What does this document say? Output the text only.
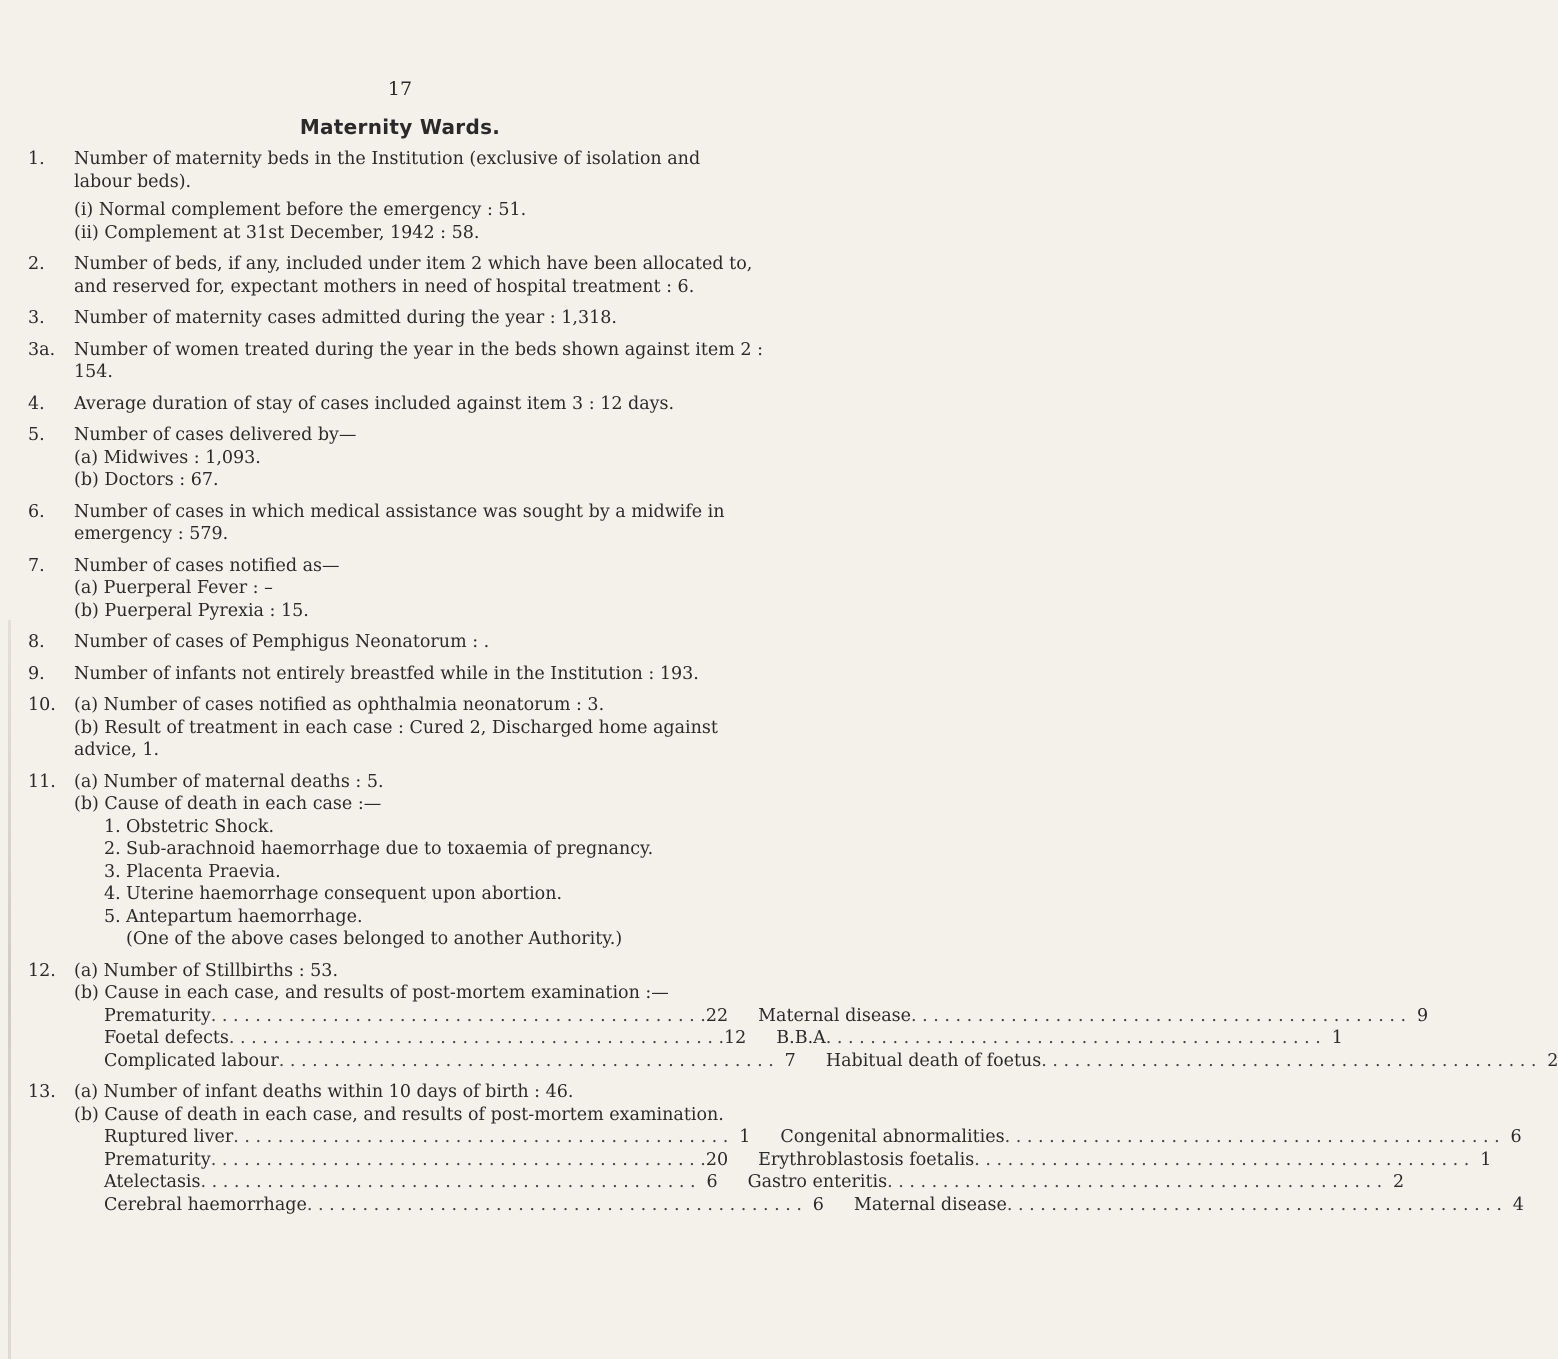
17
Maternity Wards.
1.	Number of maternity beds in the Institution (exclusive of isolation and labour beds).
(i) Normal complement before the emergency : 51.
(ii) Complement at 31st December, 1942 : 58.
2.	Number of beds, if any, included under item 2 which have been allocated to, and reserved for, expectant mothers in need of hospital treatment : 6.
3.	Number of maternity cases admitted during the year : 1,318.
3a.	Number of women treated during the year in the beds shown against item 2 : 154.
4.	Average duration of stay of cases included against item 3 : 12 days.
5.	Number of cases delivered by—
(a) Midwives : 1,093.
(b) Doctors : 67.
6.	Number of cases in which medical assistance was sought by a midwife in emergency : 579.
7.	Number of cases notified as—
(a) Puerperal Fever : –
(b) Puerperal Pyrexia : 15.
8.	Number of cases of Pemphigus Neonatorum : .
9.	Number of infants not entirely breastfed while in the Institution : 193.
10.	(a) Number of cases notified as ophthalmia neonatorum : 3.
(b) Result of treatment in each case : Cured 2, Discharged home against advice, 1.
11.	(a) Number of maternal deaths : 5.
(b) Cause of death in each case :—
1. Obstetric Shock.
2. Sub-arachnoid haemorrhage due to toxaemia of pregnancy.
3. Placenta Praevia.
4. Uterine haemorrhage consequent upon abortion.
5. Antepartum haemorrhage.
(One of the above cases belonged to another Authority.)
12.	(a) Number of Stillbirths : 53.
(b) Cause in each case, and results of post-mortem examination :—
Prematurity . . .	22 Maternal disease . . .	9
Foetal defects . . .	12 B.B.A . . .	1
Complicated labour . . .	7 Habitual death of foetus . . .	2
13.	(a) Number of infant deaths within 10 days of birth : 46.
(b) Cause of death in each case, and results of post-mortem examination.
Ruptured liver . . .	1 Congenital abnormalities . . .	6
Prematurity . . .	20 Erythroblastosis foetalis . . .	1
Atelectasis . . .	6 Gastro enteritis . . .	2
Cerebral haemorrhage . . .	6 Maternal disease . . .	4
